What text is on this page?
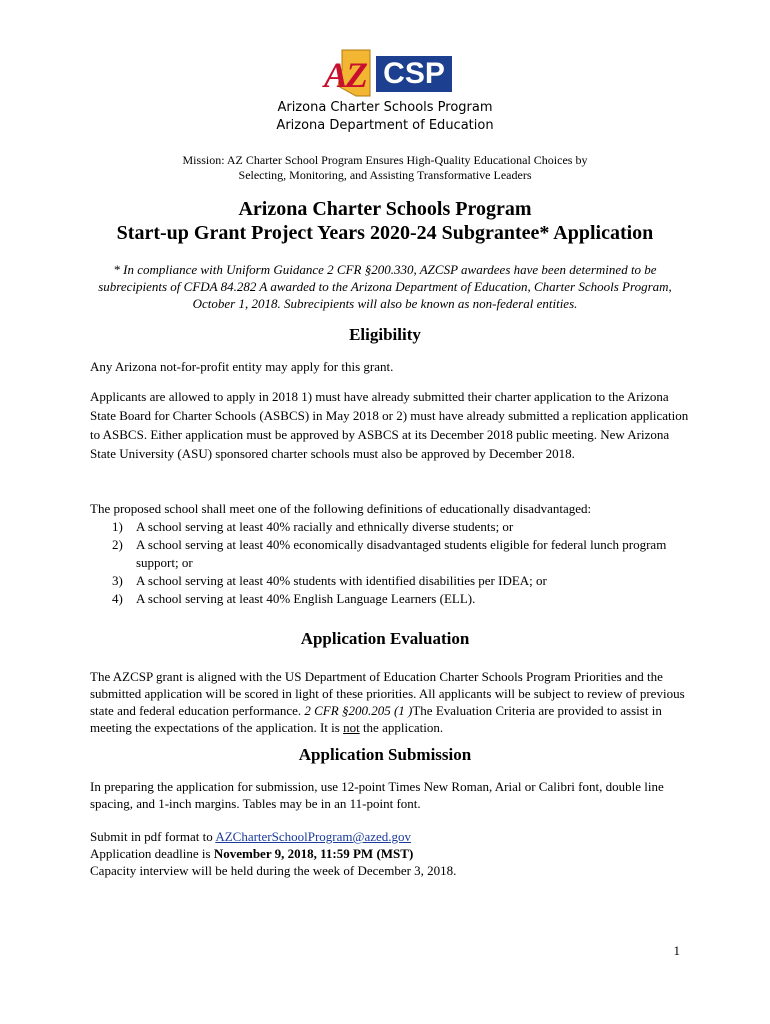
AZ CSP
Arizona Charter Schools Program
Arizona Department of Education
Mission: AZ Charter School Program Ensures High-Quality Educational Choices by
Selecting, Monitoring, and Assisting Transformative Leaders
Arizona Charter Schools Program
Start-up Grant Project Years 2020-24 Subgrantee* Application
* In compliance with Uniform Guidance 2 CFR §200.330, AZCSP awardees have been determined to be subrecipients of CFDA 84.282 A awarded to the Arizona Department of Education, Charter Schools Program, October 1, 2018. Subrecipients will also be known as non-federal entities.
Eligibility
Any Arizona not-for-profit entity may apply for this grant.
Applicants are allowed to apply in 2018 1) must have already submitted their charter application to the Arizona State Board for Charter Schools (ASBCS) in May 2018 or 2) must have already submitted a replication application to ASBCS. Either application must be approved by ASBCS at its December 2018 public meeting. New Arizona State University (ASU) sponsored charter schools must also be approved by December 2018.
The proposed school shall meet one of the following definitions of educationally disadvantaged:
1) A school serving at least 40% racially and ethnically diverse students; or
2) A school serving at least 40% economically disadvantaged students eligible for federal lunch program support; or
3) A school serving at least 40% students with identified disabilities per IDEA; or
4) A school serving at least 40% English Language Learners (ELL).
Application Evaluation
The AZCSP grant is aligned with the US Department of Education Charter Schools Program Priorities and the submitted application will be scored in light of these priorities. All applicants will be subject to review of previous state and federal education performance. 2 CFR §200.205 (1 )The Evaluation Criteria are provided to assist in meeting the expectations of the application. It is not the application.
Application Submission
In preparing the application for submission, use 12-point Times New Roman, Arial or Calibri font, double line spacing, and 1-inch margins. Tables may be in an 11-point font.
Submit in pdf format to AZCharterSchoolProgram@azed.gov
Application deadline is November 9, 2018, 11:59 PM (MST)
Capacity interview will be held during the week of December 3, 2018.
1
